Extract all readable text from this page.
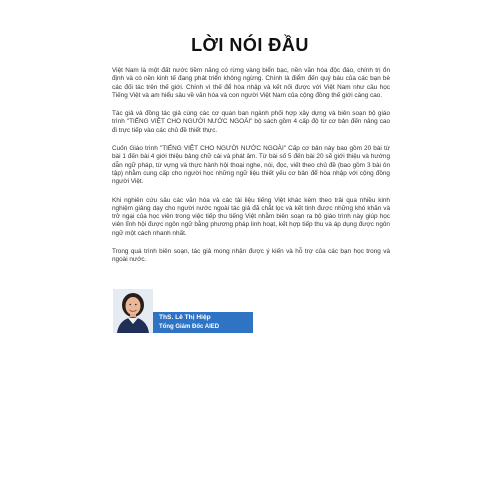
LỜI NÓI ĐẦU

Việt Nam là một đất nước tiềm năng có rừng vàng biển bạc, nền văn hóa độc đáo, chính trị ổn định và có nền kinh tế đang phát triển không ngừng. Chính là điểm đến quý báu của các bạn bè các đối tác trên thế giới. Chính vì thế để hòa nhập và kết nối được với Việt Nam như cầu học Tiếng Việt và am hiểu sâu về văn hóa và con người Việt Nam của cộng đồng thế giới càng cao.

Tác giả và đồng tác giả cùng các cơ quan ban ngành phối hợp xây dựng và biên soạn bộ giáo trình "TIẾNG VIỆT CHO NGƯỜI NƯỚC NGOÀI" bộ sách gồm 4 cấp độ từ cơ bản đến nâng cao đi trực tiếp vào các chủ đề thiết thực.

Cuốn Giáo trình "TIẾNG VIỆT CHO NGƯỜI NƯỚC NGOÀI" Cấp cơ bản này bao gồm 20 bài từ bài 1 đến bài 4 giới thiệu bảng chữ cái và phát âm. Từ bài số 5 đến bài 20 sẽ giới thiệu và hướng dẫn ngữ pháp, từ vựng và thực hành hội thoại nghe, nói, đọc, viết theo chủ đề (bao gồm 3 bài ôn tập) nhằm cung cấp cho người học những ngữ liệu thiết yếu cơ bản để hòa nhập với cộng đồng người Việt.

Khi nghiên cứu sâu các văn hóa và các tài liệu tiếng Việt khác kèm theo trải qua nhiều kinh nghiệm giảng dạy cho người nước ngoài tác giả đã chắt lọc và kết tinh được những khó khăn và trở ngại của học viên trong việc tiếp thu tiếng Việt nhằm biên soạn ra bộ giáo trình này giúp học viên lĩnh hội được ngôn ngữ bằng phương pháp linh hoạt, kết hợp tiếp thu và áp dụng được ngôn ngữ một cách nhanh nhất.

Trong quá trình biên soạn, tác giả mong nhận được ý kiến và hỗ trợ của các bạn học trong và ngoài nước.

ThS. Lê Thị Hiệp
Tổng Giám Đốc AIED
